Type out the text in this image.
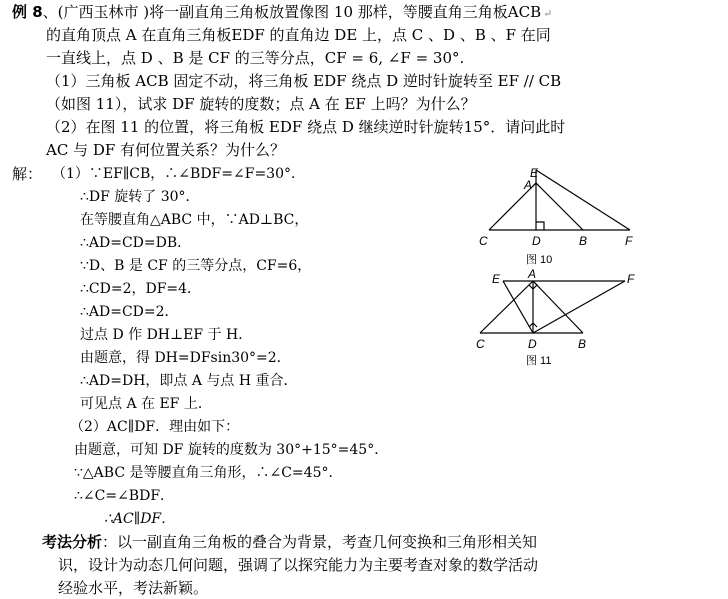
例 8、(广西玉林市 )将一副直角三角板放置像图 10 那样，等腰直角三角板ACB ↵
的直角顶点 A 在直角三角板EDF 的直角边 DE 上，点 C 、D 、B 、F 在同
一直线上，点 D 、B 是 CF 的三等分点，CF = 6, ∠F = 30°.
（1）三角板 ACB 固定不动，将三角板 EDF 绕点 D 逆时针旋转至 EF // CB
（如图 11），试求 DF 旋转的度数；点 A 在 EF 上吗？为什么？
（2）在图 11 的位置，将三角板 EDF 绕点 D 继续逆时针旋转15°．请问此时
AC 与 DF 有何位置关系？为什么？
解： （1）∵EF∥CB，∴∠BDF=∠F=30°．
∴DF 旋转了 30°．
在等腰直角△ABC 中，∵AD⊥BC，
∴AD=CD=DB．
∵D、B 是 CF 的三等分点，CF=6，
∴CD=2，DF=4．
∴AD=CD=2．
过点 D 作 DH⊥EF 于 H．
由题意，得 DH=DFsin30°=2．
∴AD=DH，即点 A 与点 H 重合．
可见点 A 在 EF 上．
（2）AC∥DF．理由如下：
由题意，可知 DF 旋转的度数为 30°+15°=45°．
∵△ABC 是等腰直角三角形，∴∠C=45°．
∴∠C=∠BDF．
∴AC∥DF．
考法分析：以一副直角三角板的叠合为背景，考查几何变换和三角形相关知
识，设计为动态几何问题，强调了以探究能力为主要考查对象的数学活动
经验水平，考法新颖。
E
A
C	D	B	F
图 10
E A	F
C	D	B
图 11
